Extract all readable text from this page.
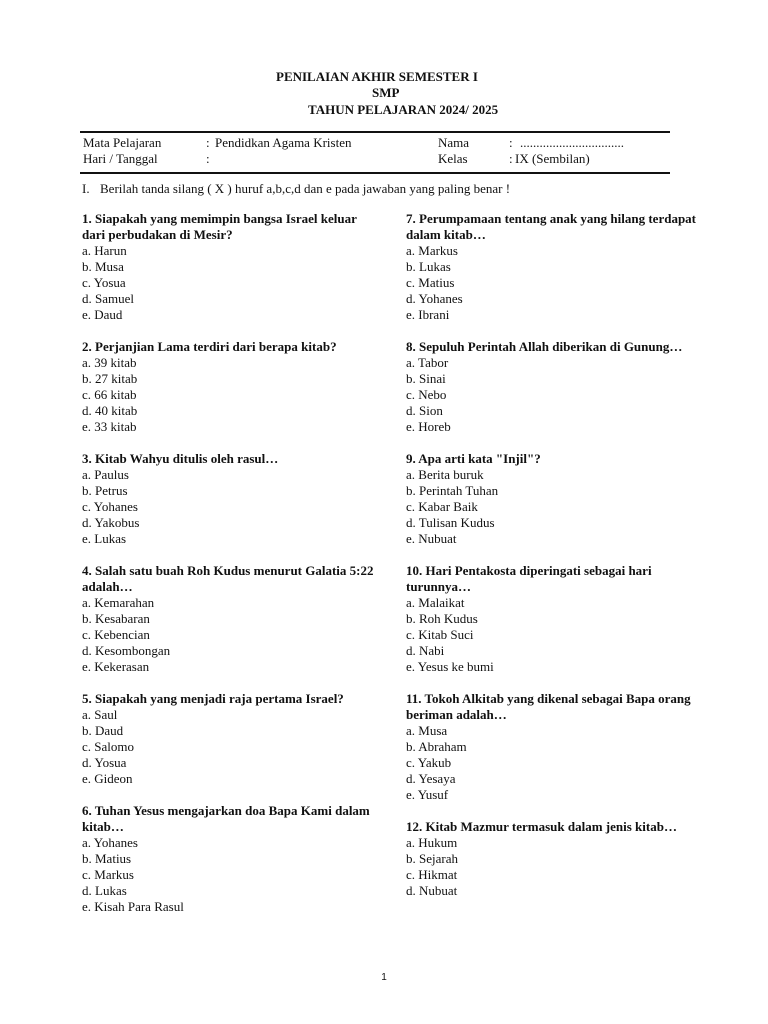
PENILAIAN AKHIR SEMESTER I
SMP
TAHUN PELAJARAN 2024/ 2025
Mata Pelajaran	: Pendidkan Agama Kristen	Nama	: ................................
Hari / Tanggal	:	Kelas	: IX (Sembilan)
I. Berilah tanda silang ( X ) huruf a,b,c,d dan e pada jawaban yang paling benar !
1. Siapakah yang memimpin bangsa Israel keluar dari perbudakan di Mesir?
a. Harun
b. Musa
c. Yosua
d. Samuel
e. Daud
2. Perjanjian Lama terdiri dari berapa kitab?
a. 39 kitab
b. 27 kitab
c. 66 kitab
d. 40 kitab
e. 33 kitab
3. Kitab Wahyu ditulis oleh rasul…
a. Paulus
b. Petrus
c. Yohanes
d. Yakobus
e. Lukas
4. Salah satu buah Roh Kudus menurut Galatia 5:22 adalah…
a. Kemarahan
b. Kesabaran
c. Kebencian
d. Kesombongan
e. Kekerasan
5. Siapakah yang menjadi raja pertama Israel?
a. Saul
b. Daud
c. Salomo
d. Yosua
e. Gideon
6. Tuhan Yesus mengajarkan doa Bapa Kami dalam kitab…
a. Yohanes
b. Matius
c. Markus
d. Lukas
e. Kisah Para Rasul
7. Perumpamaan tentang anak yang hilang terdapat dalam kitab…
a. Markus
b. Lukas
c. Matius
d. Yohanes
e. Ibrani
8. Sepuluh Perintah Allah diberikan di Gunung…
a. Tabor
b. Sinai
c. Nebo
d. Sion
e. Horeb
9. Apa arti kata "Injil"?
a. Berita buruk
b. Perintah Tuhan
c. Kabar Baik
d. Tulisan Kudus
e. Nubuat
10. Hari Pentakosta diperingati sebagai hari turunnya…
a. Malaikat
b. Roh Kudus
c. Kitab Suci
d. Nabi
e. Yesus ke bumi
11. Tokoh Alkitab yang dikenal sebagai Bapa orang beriman adalah…
a. Musa
b. Abraham
c. Yakub
d. Yesaya
e. Yusuf
12. Kitab Mazmur termasuk dalam jenis kitab…
a. Hukum
b. Sejarah
c. Hikmat
d. Nubuat
1
